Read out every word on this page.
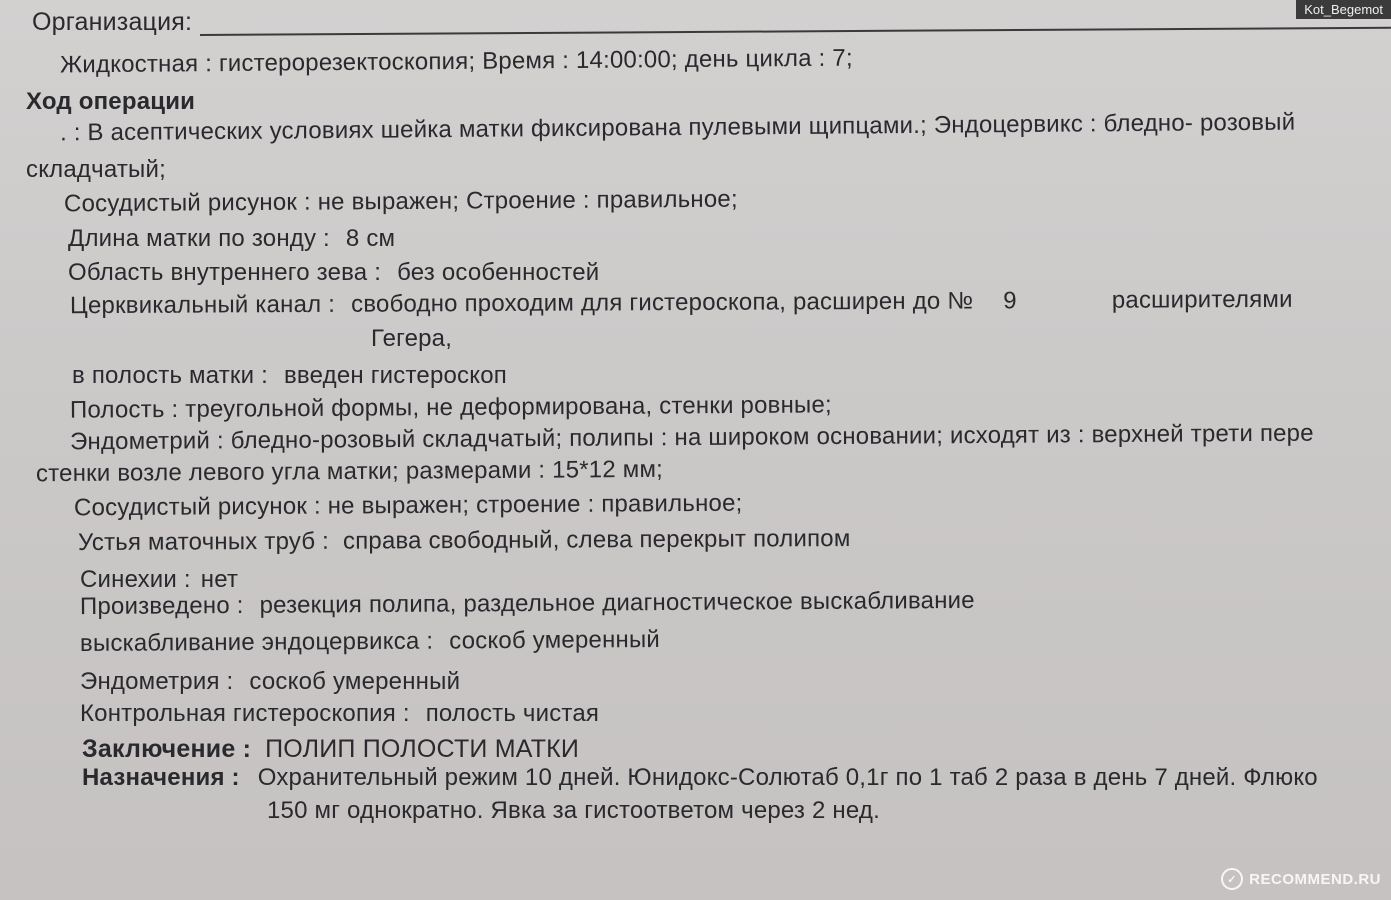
Kot_Begemot
Организация:
Жидкостная : гистерорезектоскопия; Время : 14:00:00; день цикла : 7;
Ход операции
. : В асептических условиях шейка матки фиксирована пулевыми щипцами.; Эндоцервикс : бледно- розовый
складчатый;
Сосудистый рисунок : не выражен; Строение : правильное;
Длина матки по зонду : 8 см
Область внутреннего зева : без особенностей
Церквикальный канал : свободно проходим для гистероскопа, расширен до № 9	расширителями
Гегера,
в полость матки : введен гистероскоп
Полость : треугольной формы, не деформирована, стенки ровные;
Эндометрий : бледно-розовый складчатый; полипы : на широком основании; исходят из : верхней трети пере
стенки возле левого угла матки; размерами : 15*12 мм;
Сосудистый рисунок : не выражен; строение : правильное;
Устья маточных труб : справа свободный, слева перекрыт полипом
Синехии : нет
Произведено : резекция полипа, раздельное диагностическое выскабливание
выскабливание эндоцервикса : соскоб умеренный
Эндометрия : соскоб умеренный
Контрольная гистероскопия : полость чистая
Заключение : ПОЛИП ПОЛОСТИ МАТКИ
Назначения : Охранительный режим 10 дней. Юнидокс-Солютаб 0,1г по 1 таб 2 раза в день 7 дней. Флюко
150 мг однократно. Явка за гистоответом через 2 нед.
✓ RECOMMEND.RU
